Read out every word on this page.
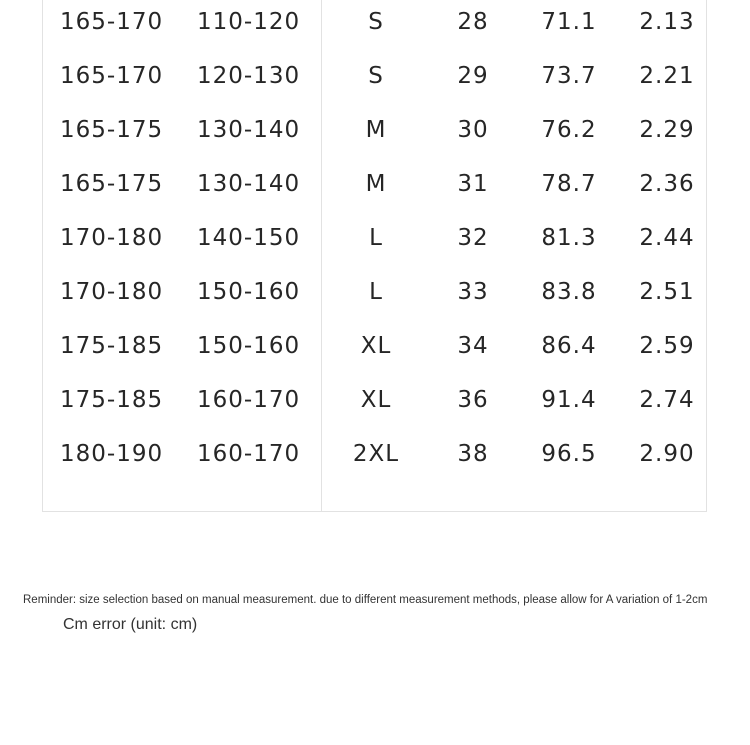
165-170 110-120	S	28	71.1	2.13
165-170 120-130	S	29	73.7	2.21
165-175 130-140	M	30	76.2	2.29
165-175 130-140	M	31	78.7	2.36
170-180 140-150	L	32	81.3	2.44
170-180 150-160	L	33	83.8	2.51
175-185 150-160	XL	34	86.4	2.59
175-185 160-170	XL	36	91.4	2.74
180-190 160-170	2XL	38	96.5	2.90
Reminder: size selection based on manual measurement. due to different measurement methods, please allow for A variation of 1-2cm
Cm error (unit: cm)
